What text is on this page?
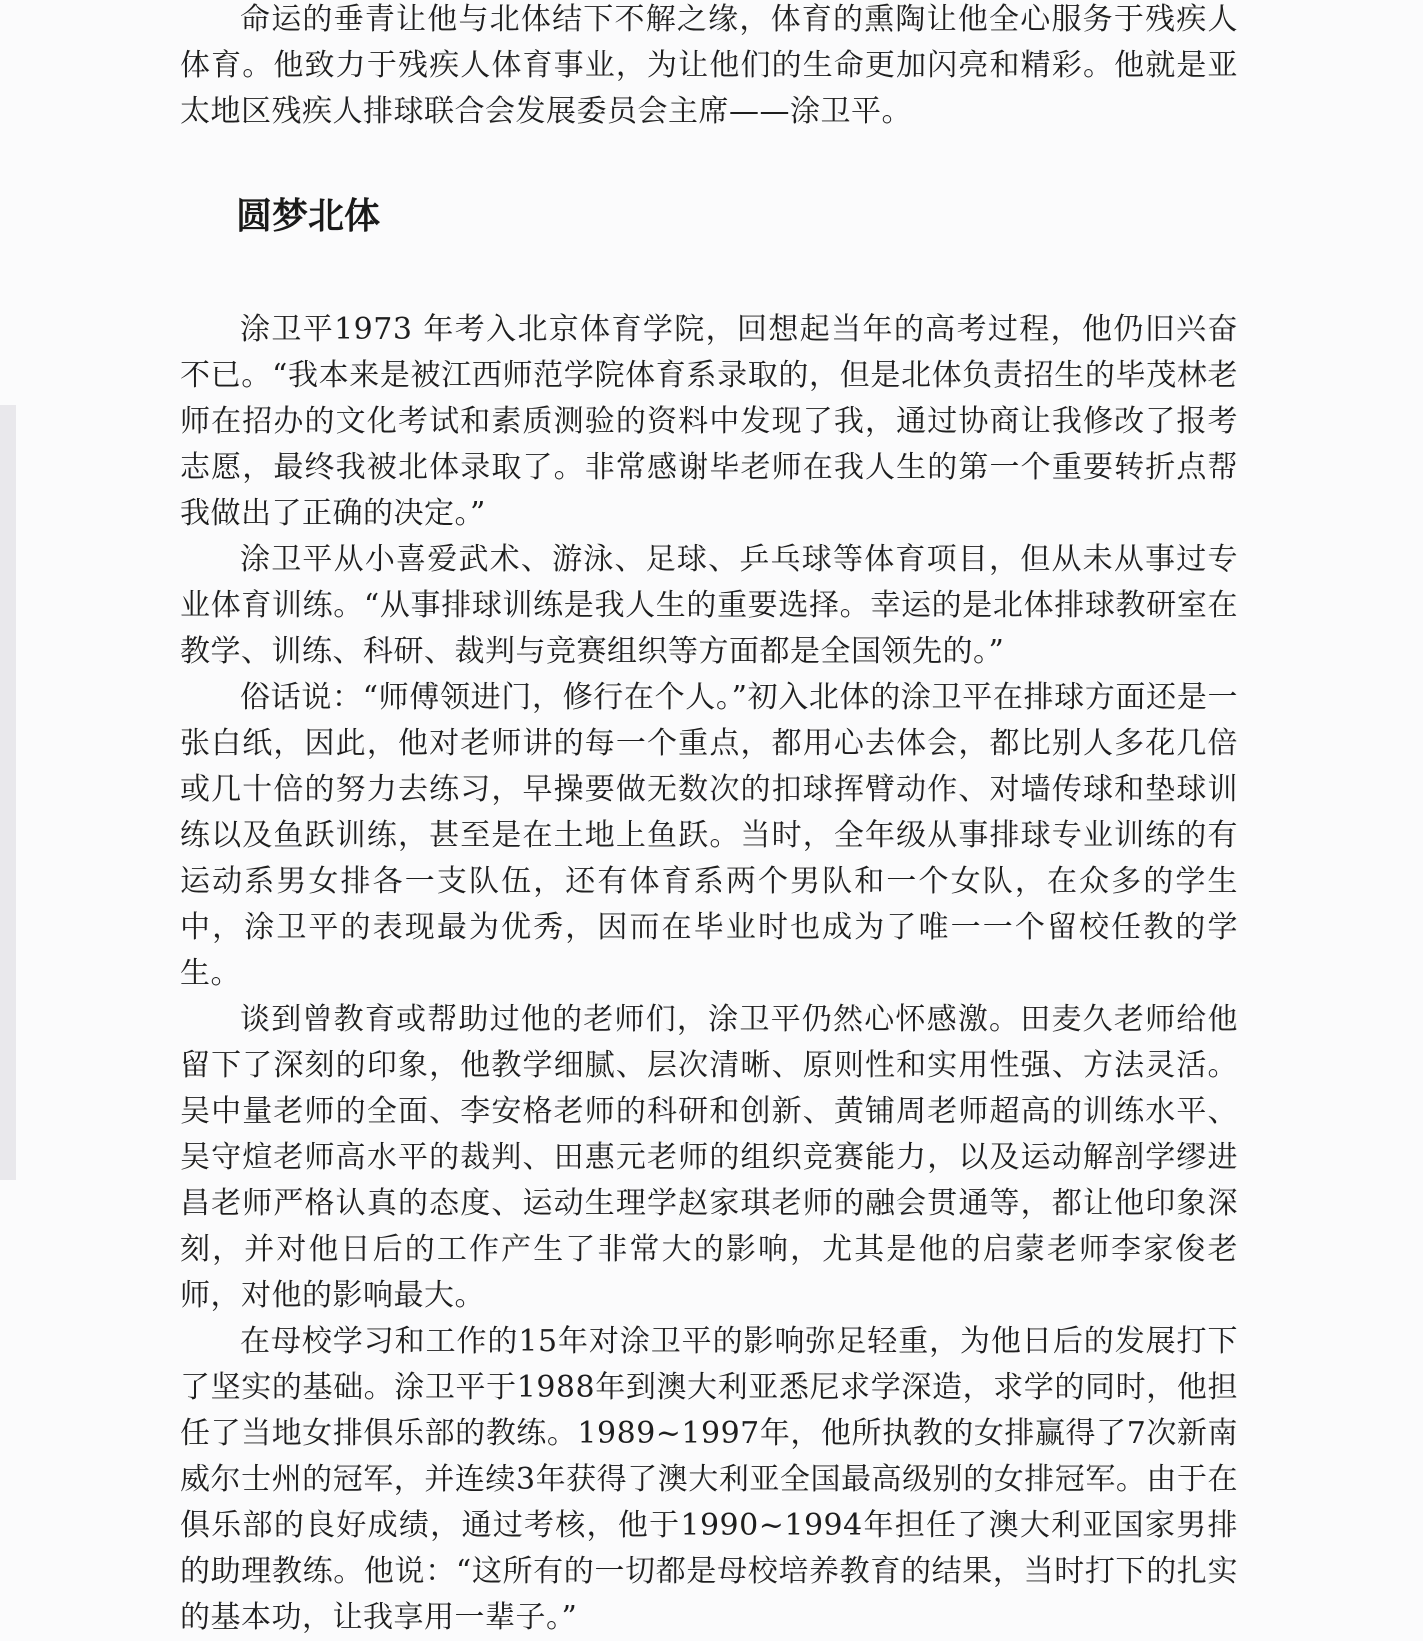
命运的垂青让他与北体结下不解之缘，体育的熏陶让他全心服务于残疾人体育。他致力于残疾人体育事业，为让他们的生命更加闪亮和精彩。他就是亚太地区残疾人排球联合会发展委员会主席——涂卫平。

圆梦北体

涂卫平1973 年考入北京体育学院，回想起当年的高考过程，他仍旧兴奋不已。“我本来是被江西师范学院体育系录取的，但是北体负责招生的毕茂林老师在招办的文化考试和素质测验的资料中发现了我，通过协商让我修改了报考志愿，最终我被北体录取了。非常感谢毕老师在我人生的第一个重要转折点帮我做出了正确的决定。”

涂卫平从小喜爱武术、游泳、足球、乒乓球等体育项目，但从未从事过专业体育训练。“从事排球训练是我人生的重要选择。幸运的是北体排球教研室在教学、训练、科研、裁判与竞赛组织等方面都是全国领先的。”

俗话说：“师傅领进门，修行在个人。”初入北体的涂卫平在排球方面还是一张白纸，因此，他对老师讲的每一个重点，都用心去体会，都比别人多花几倍或几十倍的努力去练习，早操要做无数次的扣球挥臂动作、对墙传球和垫球训练以及鱼跃训练，甚至是在土地上鱼跃。当时，全年级从事排球专业训练的有运动系男女排各一支队伍，还有体育系两个男队和一个女队，在众多的学生中，涂卫平的表现最为优秀，因而在毕业时也成为了唯一一个留校任教的学生。

谈到曾教育或帮助过他的老师们，涂卫平仍然心怀感激。田麦久老师给他留下了深刻的印象，他教学细腻、层次清晰、原则性和实用性强、方法灵活。吴中量老师的全面、李安格老师的科研和创新、黄铺周老师超高的训练水平、吴守煊老师高水平的裁判、田惠元老师的组织竞赛能力，以及运动解剖学缪进昌老师严格认真的态度、运动生理学赵家琪老师的融会贯通等，都让他印象深刻，并对他日后的工作产生了非常大的影响，尤其是他的启蒙老师李家俊老师，对他的影响最大。

在母校学习和工作的15年对涂卫平的影响弥足轻重，为他日后的发展打下了坚实的基础。涂卫平于1988年到澳大利亚悉尼求学深造，求学的同时，他担任了当地女排俱乐部的教练。1989~1997年，他所执教的女排赢得了7次新南威尔士州的冠军，并连续3年获得了澳大利亚全国最高级别的女排冠军。由于在俱乐部的良好成绩，通过考核，他于1990~1994年担任了澳大利亚国家男排的助理教练。他说：“这所有的一切都是母校培养教育的结果，当时打下的扎实的基本功，让我享用一辈子。”
